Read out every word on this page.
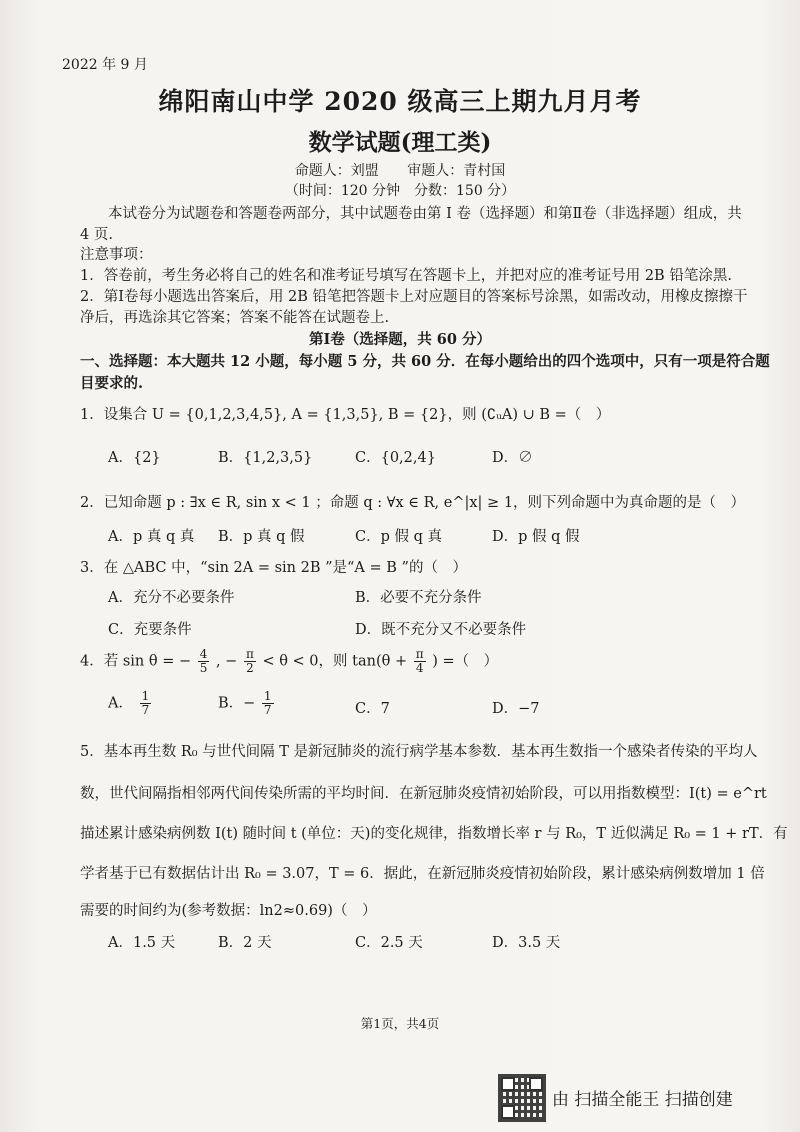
2022 年 9 月
绵阳南山中学 2020 级高三上期九月月考
数学试题(理工类)
命题人：刘盟 审题人：青村国
（时间：120 分钟　分数：150 分）
本试卷分为试题卷和答题卷两部分，其中试题卷由第 I 卷（选择题）和第Ⅱ卷（非选择题）组成，共
4 页.
注意事项：
1．答卷前，考生务必将自己的姓名和准考证号填写在答题卡上，并把对应的准考证号用 2B 铅笔涂黑.
2．第Ⅰ卷每小题选出答案后，用 2B 铅笔把答题卡上对应题目的答案标号涂黑，如需改动，用橡皮擦擦干
净后，再选涂其它答案；答案不能答在试题卷上.
第Ⅰ卷（选择题，共 60 分）
一、选择题：本大题共 12 小题，每小题 5 分，共 60 分．在每小题给出的四个选项中，只有一项是符合题
目要求的.
1．设集合 U = {0,1,2,3,4,5}, A = {1,3,5}, B = {2}，则 (∁ᵤA) ∪ B =（　）
A．{2}	B．{1,2,3,5}	C．{0,2,4}	D．∅
2．已知命题 p : ∃x ∈ R, sin x < 1 ；命题 q : ∀x ∈ R, e^|x| ≥ 1，则下列命题中为真命题的是（　）
A．p 真 q 真 B．p 真 q 假	C．p 假 q 真	D．p 假 q 假
3．在 △ABC 中，“sin 2A = sin 2B ”是“A = B ”的（　）
A．充分不必要条件	B．必要不充分条件
C．充要条件	D．既不充分又不必要条件
4．若 sin θ = − $\frac{4}{5}$ , − $\frac{\pi}{2} < \theta < 0$，则 $\tan(\theta + \frac{\pi}{4}$ ) =（　）
A． $\frac{1}{7}$	B．− $\frac{1}{7}$	C．7	D．−7
5．基本再生数 R₀ 与世代间隔 T 是新冠肺炎的流行病学基本参数．基本再生数指一个感染者传染的平均人
数，世代间隔指相邻两代间传染所需的平均时间．在新冠肺炎疫情初始阶段，可以用指数模型：I(t) = e^rt
描述累计感染病例数 I(t) 随时间 t (单位：天)的变化规律，指数增长率 r 与 R₀，T 近似满足 R₀ = 1 + rT．有
学者基于已有数据估计出 R₀ = 3.07，T = 6．据此，在新冠肺炎疫情初始阶段，累计感染病例数增加 1 倍
需要的时间约为(参考数据：ln2≈0.69)（　）
A．1.5 天	B．2 天	C．2.5 天	D．3.5 天
第1页，共4页
由 扫描全能王 扫描创建
